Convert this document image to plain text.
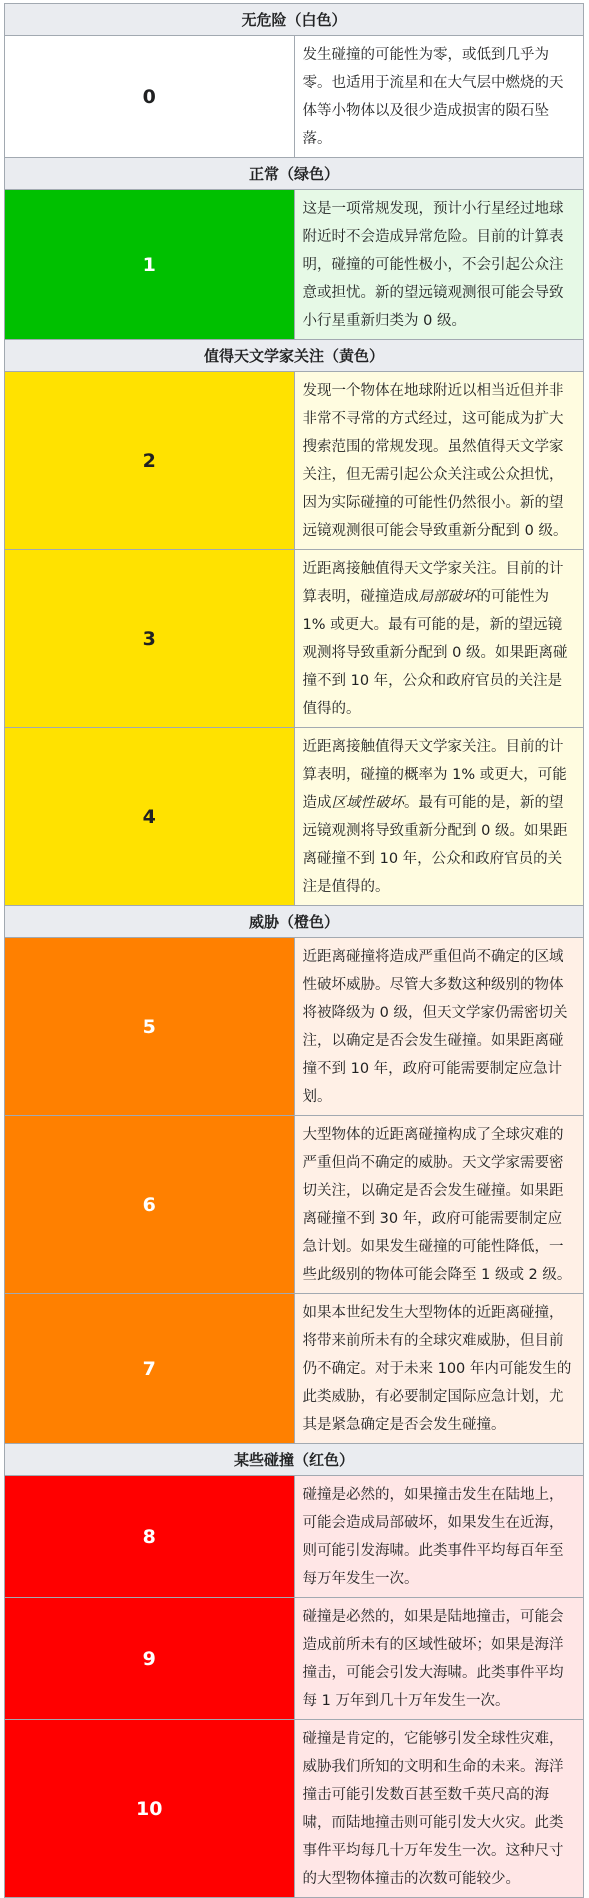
无危险（白色）	
0	发生碰撞的可能性为零，或低到几乎为零。也适用于流星和在大气层中燃烧的天体等小物体以及很少造成损害的陨石坠落。
正常（绿色）	
1	这是一项常规发现，预计小行星经过地球附近时不会造成异常危险。目前的计算表明，碰撞的可能性极小，不会引起公众注意或担忧。新的望远镜观测很可能会导致小行星重新归类为 0 级。
值得天文学家关注（黄色）	
2	发现一个物体在地球附近以相当近但并非非常不寻常的方式经过，这可能成为扩大搜索范围的常规发现。虽然值得天文学家关注，但无需引起公众关注或公众担忧，因为实际碰撞的可能性仍然很小。新的望远镜观测很可能会导致重新分配到 0 级。
3	近距离接触值得天文学家关注。目前的计算表明，碰撞造成局部破坏的可能性为 1% 或更大。最有可能的是，新的望远镜观测将导致重新分配到 0 级。如果距离碰撞不到 10 年，公众和政府官员的关注是值得的。
4	近距离接触值得天文学家关注。目前的计算表明，碰撞的概率为 1% 或更大，可能造成区域性破坏。最有可能的是，新的望远镜观测将导致重新分配到 0 级。如果距离碰撞不到 10 年，公众和政府官员的关注是值得的。
威胁（橙色）	
5	近距离碰撞将造成严重但尚不确定的区域性破坏威胁。尽管大多数这种级别的物体将被降级为 0 级，但天文学家仍需密切关注，以确定是否会发生碰撞。如果距离碰撞不到 10 年，政府可能需要制定应急计划。
6	大型物体的近距离碰撞构成了全球灾难的严重但尚不确定的威胁。天文学家需要密切关注，以确定是否会发生碰撞。如果距离碰撞不到 30 年，政府可能需要制定应急计划。如果发生碰撞的可能性降低，一些此级别的物体可能会降至 1 级或 2 级。
7	如果本世纪发生大型物体的近距离碰撞，将带来前所未有的全球灾难威胁，但目前仍不确定。对于未来 100 年内可能发生的此类威胁，有必要制定国际应急计划，尤其是紧急确定是否会发生碰撞。
某些碰撞（红色）	
8	碰撞是必然的，如果撞击发生在陆地上，可能会造成局部破坏，如果发生在近海，则可能引发海啸。此类事件平均每百年至每万年发生一次。
9	碰撞是必然的，如果是陆地撞击，可能会造成前所未有的区域性破坏；如果是海洋撞击，可能会引发大海啸。此类事件平均每 1 万年到几十万年发生一次。
10	碰撞是肯定的，它能够引发全球性灾难，威胁我们所知的文明和生命的未来。海洋撞击可能引发数百甚至数千英尺高的海啸，而陆地撞击则可能引发大火灾。此类事件平均每几十万年发生一次。这种尺寸的大型物体撞击的次数可能较少。
